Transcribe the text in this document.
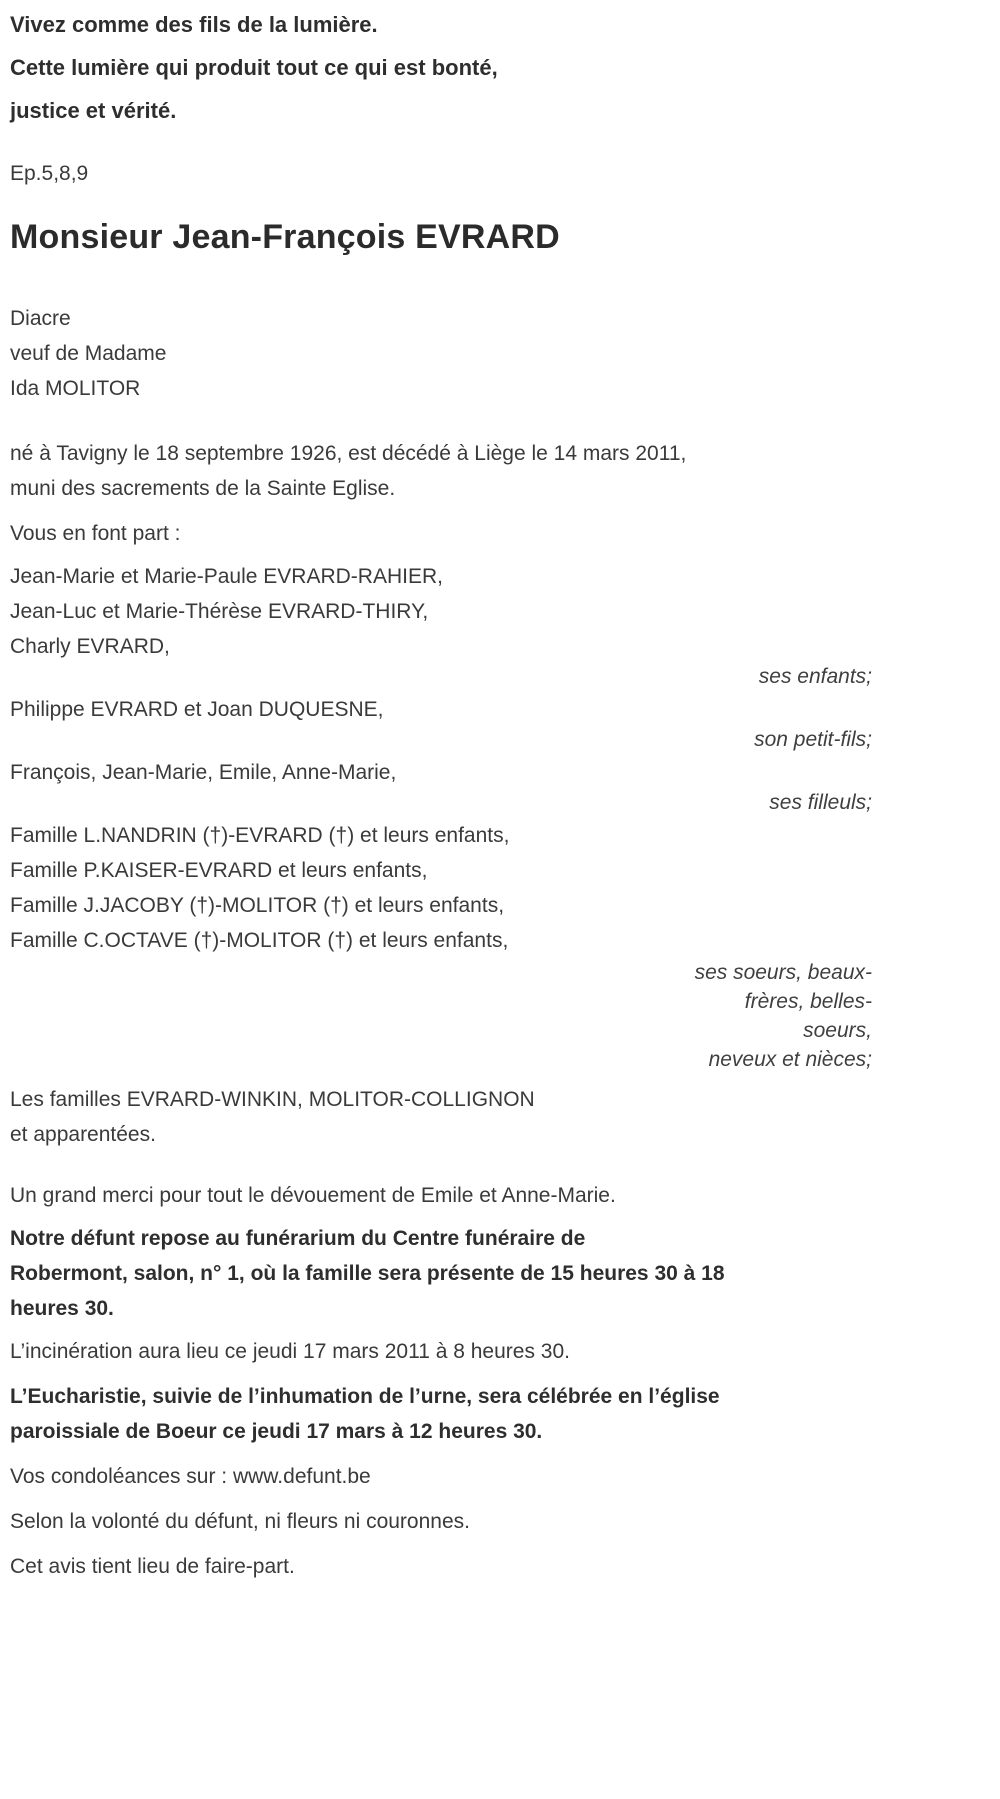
Vivez comme des fils de la lumière.

Cette lumière qui produit tout ce qui est bonté,

justice et vérité.

Ep.5,8,9

Monsieur Jean-François EVRARD

Diacre

veuf de Madame

Ida MOLITOR

né à Tavigny le 18 septembre 1926, est décédé à Liège le 14 mars 2011,

muni des sacrements de la Sainte Eglise.

Vous en font part :

Jean-Marie et Marie-Paule EVRARD-RAHIER,

Jean-Luc et Marie-Thérèse EVRARD-THIRY,

Charly EVRARD,

ses enfants;

Philippe EVRARD et Joan DUQUESNE,

son petit-fils;

François, Jean-Marie, Emile, Anne-Marie,

ses filleuls;

Famille L.NANDRIN (†)-EVRARD (†) et leurs enfants,

Famille P.KAISER-EVRARD et leurs enfants,

Famille J.JACOBY (†)-MOLITOR (†) et leurs enfants,

Famille C.OCTAVE (†)-MOLITOR (†) et leurs enfants,

ses soeurs, beaux-

frères, belles-

soeurs,

neveux et nièces;

Les familles EVRARD-WINKIN, MOLITOR-COLLIGNON

et apparentées.

Un grand merci pour tout le dévouement de Emile et Anne-Marie.

Notre défunt repose au funérarium du Centre funéraire de

Robermont, salon, n° 1, où la famille sera présente de 15 heures 30 à 18

heures 30.

L’incinération aura lieu ce jeudi 17 mars 2011 à 8 heures 30.

L’Eucharistie, suivie de l’inhumation de l’urne, sera célébrée en l’église

paroissiale de Boeur ce jeudi 17 mars à 12 heures 30.

Vos condoléances sur : www.defunt.be

Selon la volonté du défunt, ni fleurs ni couronnes.

Cet avis tient lieu de faire-part.
